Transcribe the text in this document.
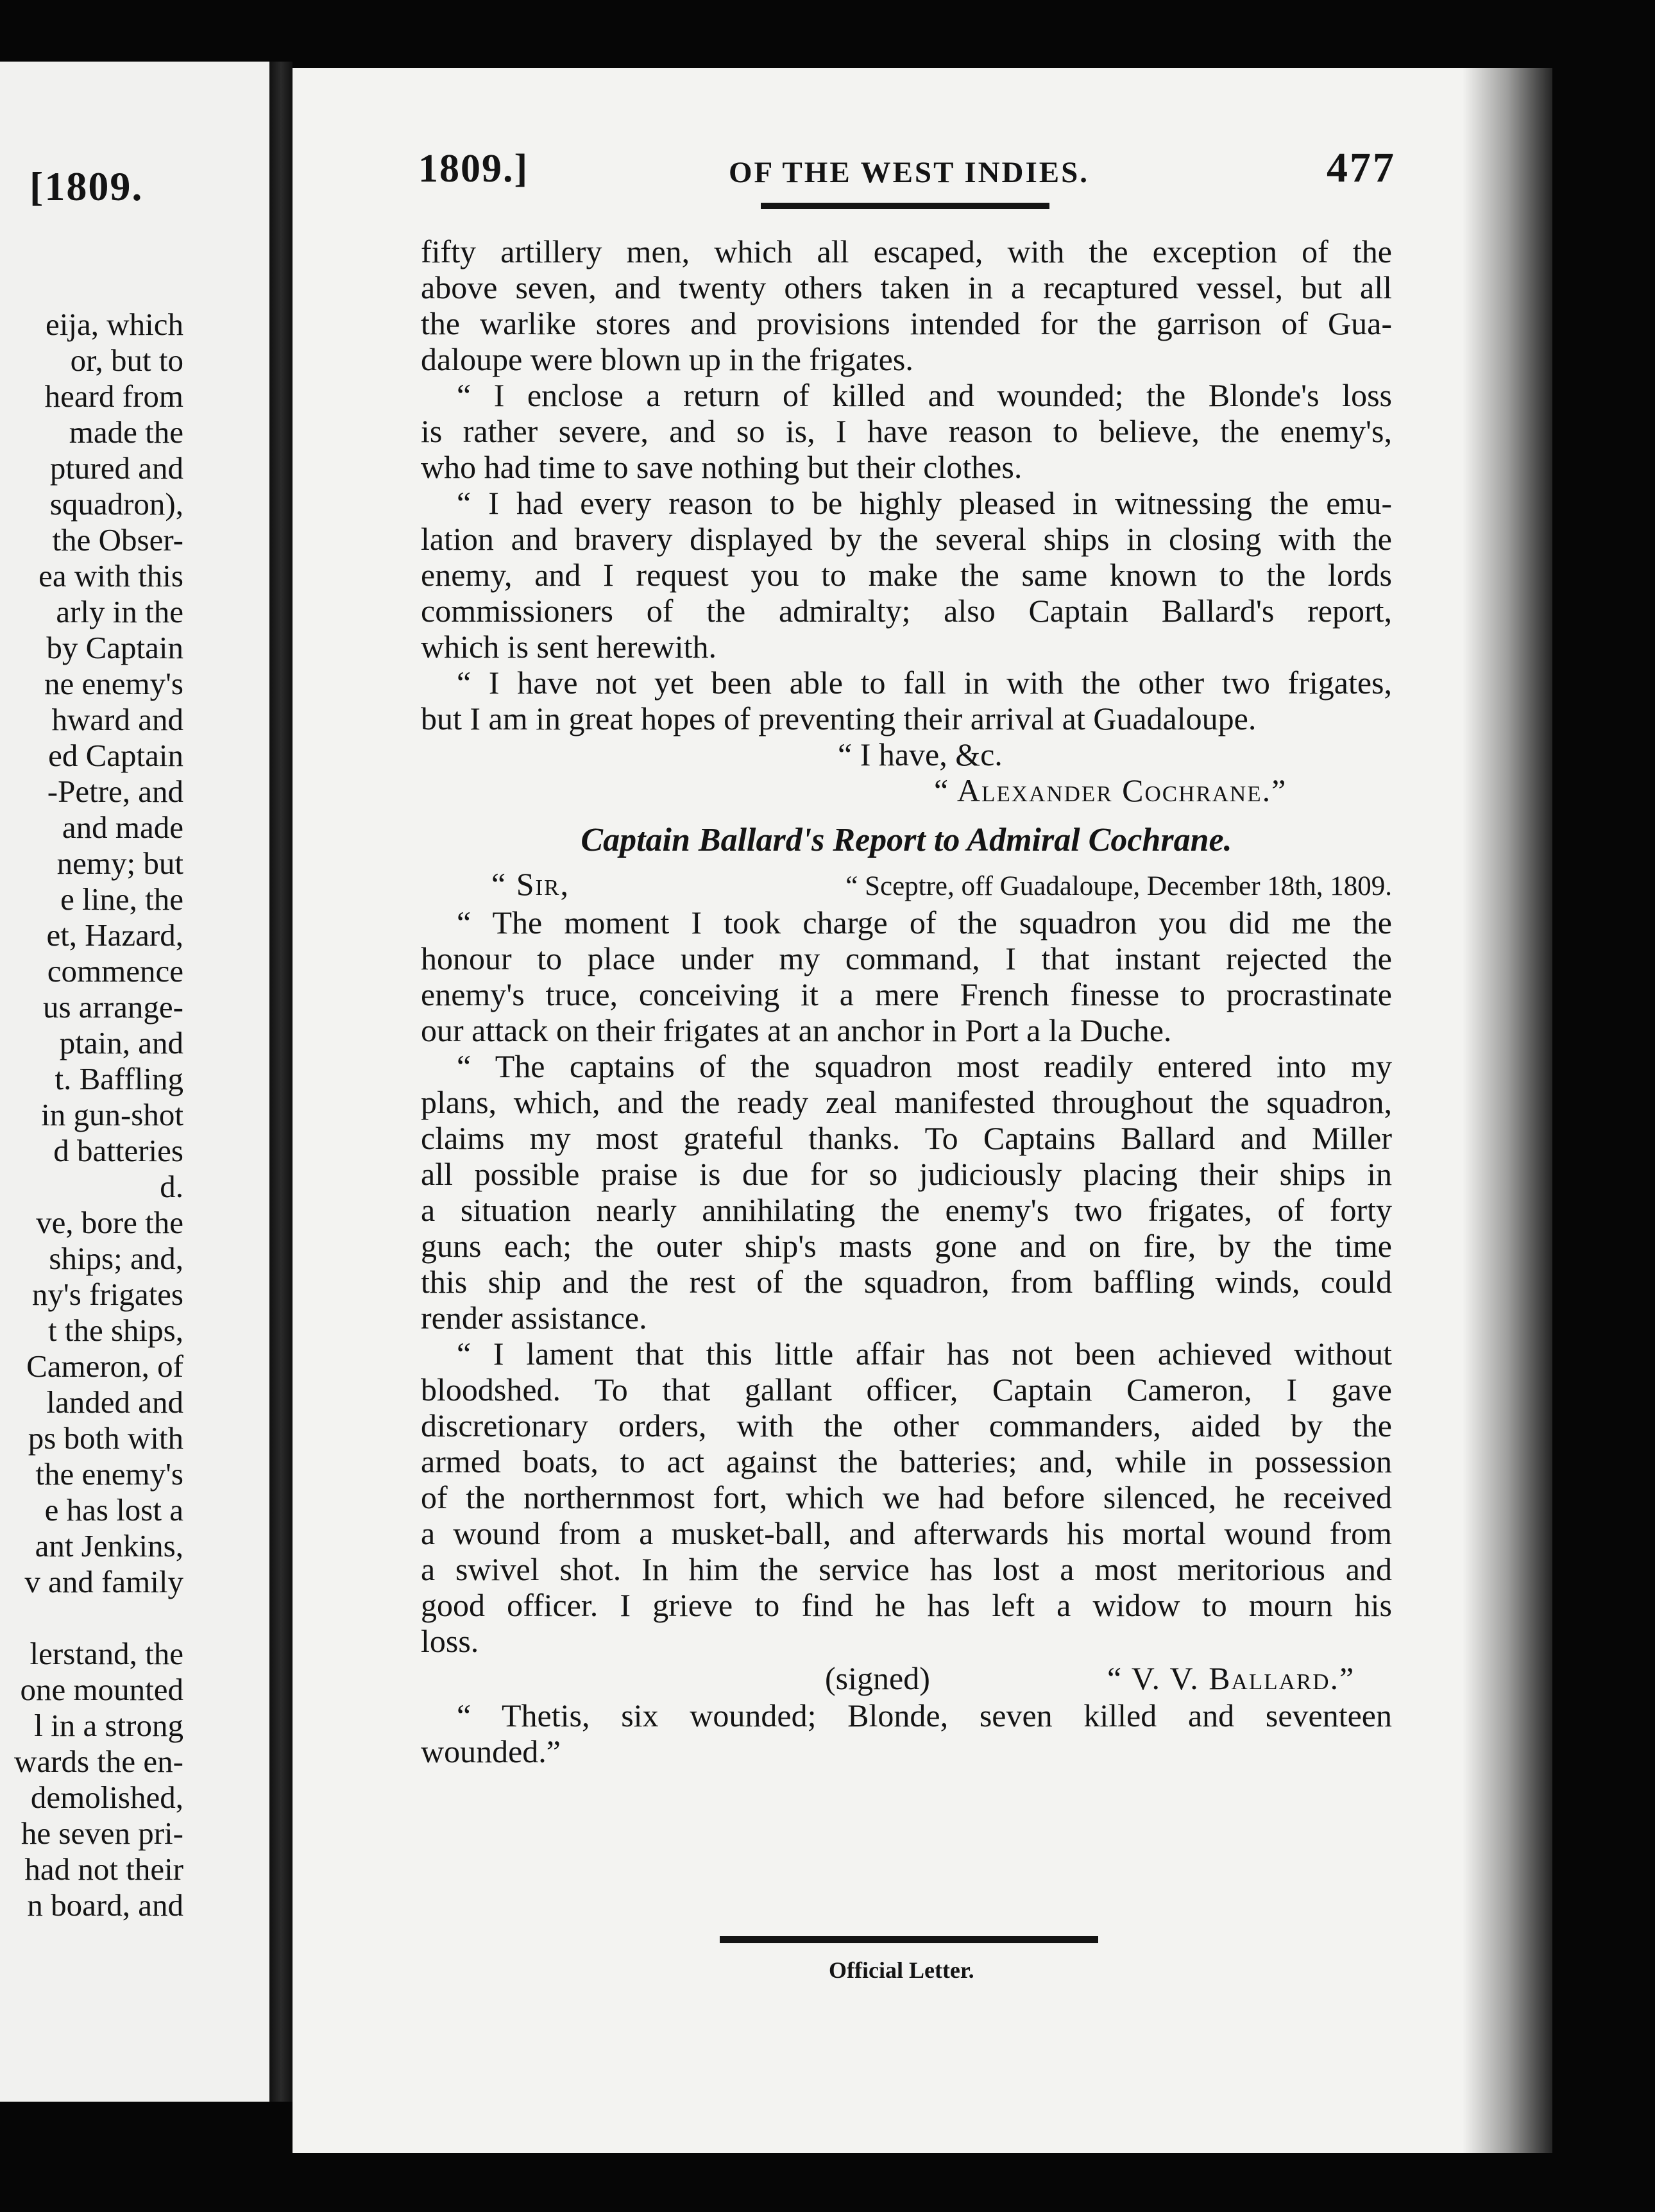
[1809.
eija, which
or, but to
heard from
made the
ptured and
squadron),
the Obser-
ea with this
arly in the
by Captain
ne enemy's
hward and
ed Captain
-Petre, and
and made
nemy; but
e line, the
et, Hazard,
commence
us arrange-
ptain, and
t. Baffling
in gun-shot
d batteries
d.
ve, bore the
ships; and,
ny's frigates
t the ships,
Cameron, of
landed and
ps both with
the enemy's
e has lost a
ant Jenkins,
v and family
lerstand, the
one mounted
l in a strong
wards the en-
demolished,
he seven pri-
had not their
n board, and
1809.]	OF THE WEST INDIES.	477
fifty artillery men, which all escaped, with the exception of the
above seven, and twenty others taken in a recaptured vessel, but all
the warlike stores and provisions intended for the garrison of Gua-
daloupe were blown up in the frigates.
“ I enclose a return of killed and wounded; the Blonde's loss
is rather severe, and so is, I have reason to believe, the enemy's,
who had time to save nothing but their clothes.
“ I had every reason to be highly pleased in witnessing the emu-
lation and bravery displayed by the several ships in closing with the
enemy, and I request you to make the same known to the lords
commissioners of the admiralty; also Captain Ballard's report,
which is sent herewith.
“ I have not yet been able to fall in with the other two frigates,
but I am in great hopes of preventing their arrival at Guadaloupe.
“ I have, &c.
“ Alexander Cochrane.”
Captain Ballard's Report to Admiral Cochrane.
“ Sir,	“ Sceptre, off Guadaloupe, December 18th, 1809.
“ The moment I took charge of the squadron you did me the
honour to place under my command, I that instant rejected the
enemy's truce, conceiving it a mere French finesse to procrastinate
our attack on their frigates at an anchor in Port a la Duche.
“ The captains of the squadron most readily entered into my
plans, which, and the ready zeal manifested throughout the squadron,
claims my most grateful thanks. To Captains Ballard and Miller
all possible praise is due for so judiciously placing their ships in
a situation nearly annihilating the enemy's two frigates, of forty
guns each; the outer ship's masts gone and on fire, by the time
this ship and the rest of the squadron, from baffling winds, could
render assistance.
“ I lament that this little affair has not been achieved without
bloodshed. To that gallant officer, Captain Cameron, I gave
discretionary orders, with the other commanders, aided by the
armed boats, to act against the batteries; and, while in possession
of the northernmost fort, which we had before silenced, he received
a wound from a musket-ball, and afterwards his mortal wound from
a swivel shot. In him the service has lost a most meritorious and
good officer. I grieve to find he has left a widow to mourn his
loss.
(signed)	“ V. V. Ballard.”
“ Thetis, six wounded; Blonde, seven killed and seventeen
wounded.”
Official Letter.
